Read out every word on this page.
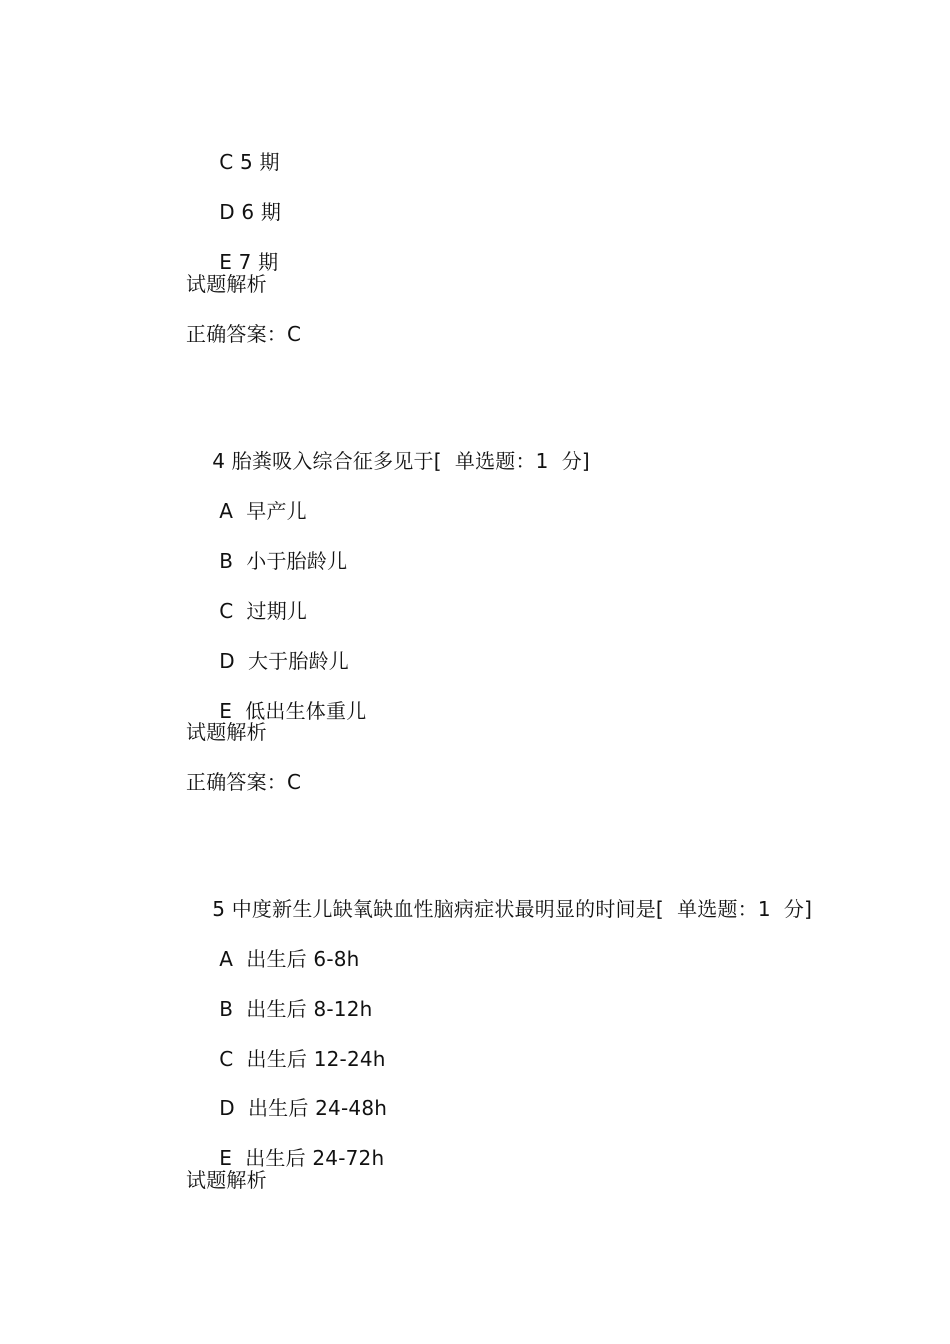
C 5 期

D 6 期

E 7 期

试题解析
正确答案：C

4 胎粪吸入综合征多见于[ 单选题：1  分]

A 早产儿

B 小于胎龄儿

C 过期儿

D 大于胎龄儿

E 低出生体重儿

试题解析
正确答案：C

5 中度新生儿缺氧缺血性脑病症状最明显的时间是[ 单选题：1  分]

A 出生后 6-8h

B 出生后 8-12h

C 出生后 12-24h

D 出生后 24-48h

E 出生后 24-72h

试题解析
